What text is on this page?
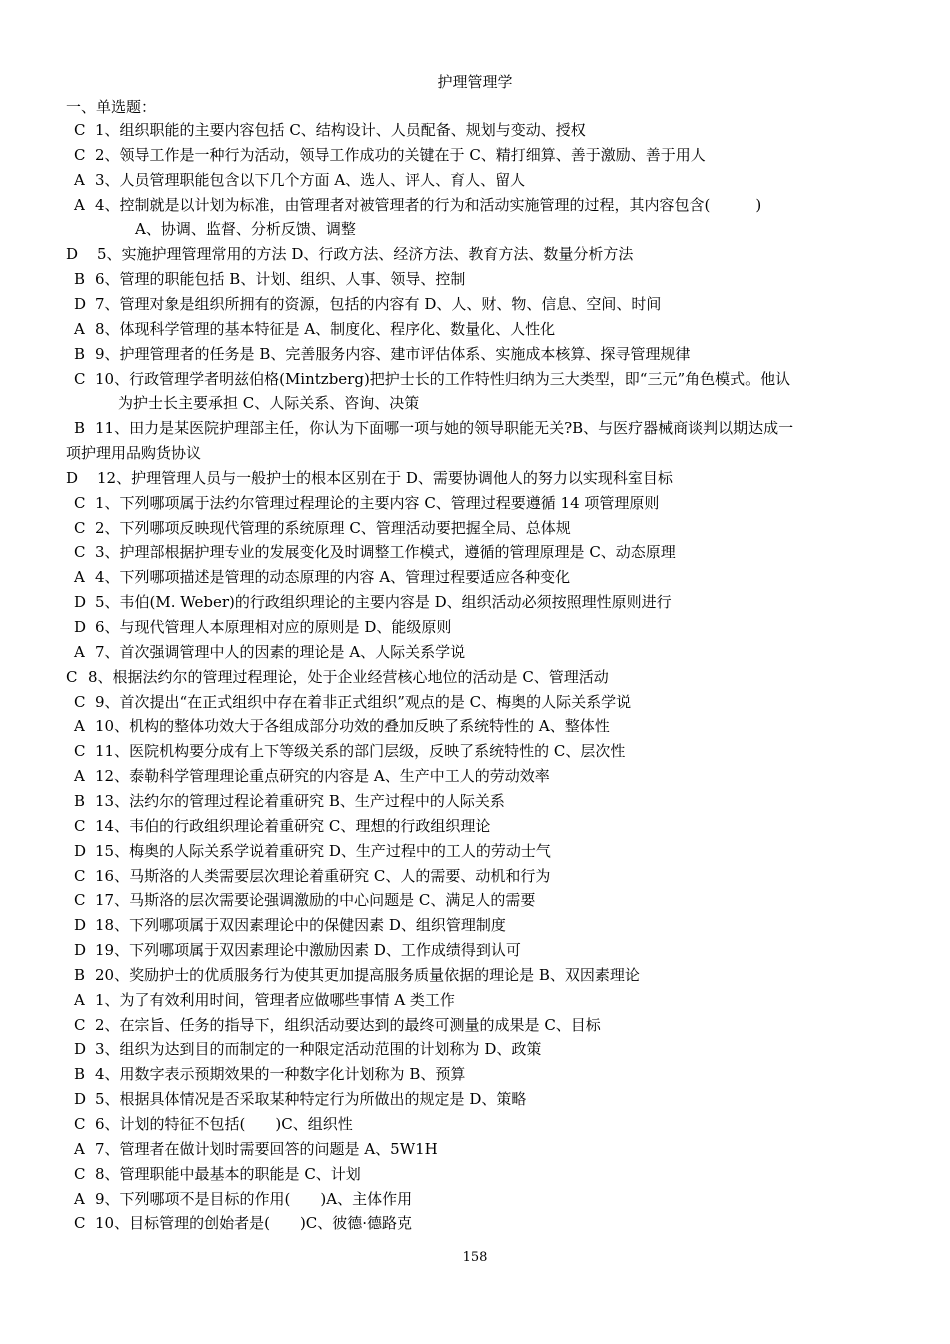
护理管理学
一、单选题：
C 1、组织职能的主要内容包括 C、结构设计、人员配备、规划与变动、授权
C 2、领导工作是一种行为活动，领导工作成功的关键在于 C、精打细算、善于激励、善于用人
A 3、人员管理职能包含以下几个方面 A、选人、评人、育人、留人
A 4、控制就是以计划为标准，由管理者对被管理者的行为和活动实施管理的过程，其内容包含(　　　)
A、协调、监督、分析反馈、调整
D 5、实施护理管理常用的方法 D、行政方法、经济方法、教育方法、数量分析方法
B 6、管理的职能包括 B、计划、组织、人事、领导、控制
D 7、管理对象是组织所拥有的资源，包括的内容有 D、人、财、物、信息、空间、时间
A 8、体现科学管理的基本特征是 A、制度化、程序化、数量化、人性化
B 9、护理管理者的任务是 B、完善服务内容、建市评估体系、实施成本核算、探寻管理规律
C 10、行政管理学者明兹伯格(Mintzberg)把护士长的工作特性归纳为三大类型，即“三元”角色模式。他认
为护士长主要承担 C、人际关系、咨询、决策
B 11、田力是某医院护理部主任，你认为下面哪一项与她的领导职能无关?B、与医疗器械商谈判以期达成一
项护理用品购货协议
D 12、护理管理人员与一般护士的根本区别在于 D、需要协调他人的努力以实现科室目标
C 1、下列哪项属于法约尔管理过程理论的主要内容 C、管理过程要遵循 14 项管理原则
C 2、下列哪项反映现代管理的系统原理 C、管理活动要把握全局、总体规
C 3、护理部根据护理专业的发展变化及时调整工作模式，遵循的管理原理是 C、动态原理
A 4、下列哪项描述是管理的动态原理的内容 A、管理过程要适应各种变化
D 5、韦伯(M. Weber)的行政组织理论的主要内容是 D、组织活动必须按照理性原则进行
D 6、与现代管理人本原理相对应的原则是 D、能级原则
A 7、首次强调管理中人的因素的理论是 A、人际关系学说
C 8、根据法约尔的管理过程理论，处于企业经营核心地位的活动是 C、管理活动
C 9、首次提出“在正式组织中存在着非正式组织”观点的是 C、梅奥的人际关系学说
A 10、机构的整体功效大于各组成部分功效的叠加反映了系统特性的 A、整体性
C 11、医院机构要分成有上下等级关系的部门层级，反映了系统特性的 C、层次性
A 12、泰勒科学管理理论重点研究的内容是 A、生产中工人的劳动效率
B 13、法约尔的管理过程论着重研究 B、生产过程中的人际关系
C 14、韦伯的行政组织理论着重研究 C、理想的行政组织理论
D 15、梅奥的人际关系学说着重研究 D、生产过程中的工人的劳动士气
C 16、马斯洛的人类需要层次理论着重研究 C、人的需要、动机和行为
C 17、马斯洛的层次需要论强调激励的中心问题是 C、满足人的需要
D 18、下列哪项属于双因素理论中的保健因素 D、组织管理制度
D 19、下列哪项属于双因素理论中激励因素 D、工作成绩得到认可
B 20、奖励护士的优质服务行为使其更加提高服务质量依据的理论是 B、双因素理论
A 1、为了有效利用时间，管理者应做哪些事情 A 类工作
C 2、在宗旨、任务的指导下，组织活动要达到的最终可测量的成果是 C、目标
D 3、组织为达到目的而制定的一种限定活动范围的计划称为 D、政策
B 4、用数字表示预期效果的一种数字化计划称为 B、预算
D 5、根据具体情况是否采取某种特定行为所做出的规定是 D、策略
C 6、计划的特征不包括(　　)C、组织性
A 7、管理者在做计划时需要回答的问题是 A、5W1H
C 8、管理职能中最基本的职能是 C、计划
A 9、下列哪项不是目标的作用(　　)A、主体作用
C 10、目标管理的创始者是(　　)C、彼德·德路克
158
